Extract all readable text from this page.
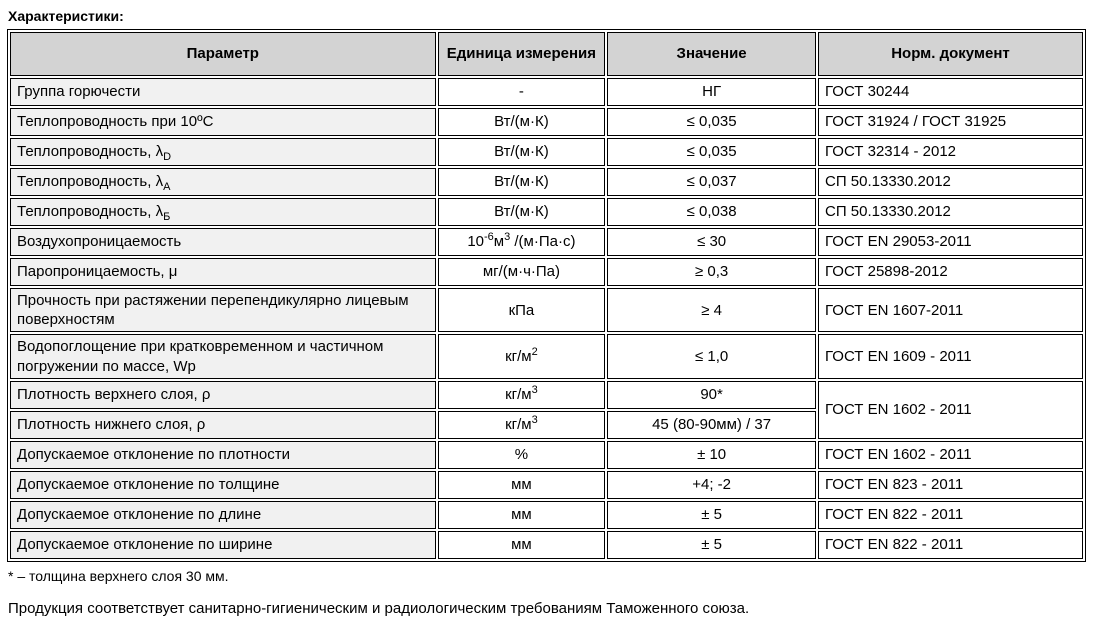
Характеристики:
Параметр	Единица измерения	Значение	Норм. документ
Группа горючести	-	НГ	ГОСТ 30244
Теплопроводность при 10ºС	Вт/(м·К)	≤ 0,035	ГОСТ 31924 / ГОСТ 31925
Теплопроводность, $\lambda_D$	Вт/(м·К)	≤ 0,035	ГОСТ 32314 - 2012
Теплопроводность, $\lambda_А$	Вт/(м·К)	≤ 0,037	СП 50.13330.2012
Теплопроводность, $\lambda_Б$	Вт/(м·К)	≤ 0,038	СП 50.13330.2012
Воздухопроницаемость	$10^{-6}м^3$ /(м·Па·с)	≤ 30	ГОСТ EN 29053-2011
Паропроницаемость, μ	мг/(м·ч·Па)	≥ 0,3	ГОСТ 25898-2012
Прочность при растяжении перепендикулярно лицевым поверхностям	кПа	≥ 4	ГОСТ EN 1607-2011
Водопоглощение при кратковременном и частичном погружении по массе, Wp	$кг/м^2$	≤ 1,0	ГОСТ EN 1609 - 2011
Плотность верхнего слоя, ρ	$кг/м^3$	90*	ГОСТ EN 1602 - 2011
Плотность нижнего слоя, ρ	$кг/м^3$	45 (80-90мм) / 37	
Допускаемое отклонение по плотности	%	± 10	ГОСТ EN 1602 - 2011
Допускаемое отклонение по толщине	мм	+4; -2	ГОСТ EN 823 - 2011
Допускаемое отклонение по длине	мм	± 5	ГОСТ EN 822 - 2011
Допускаемое отклонение по ширине	мм	± 5	ГОСТ EN 822 - 2011
* – толщина верхнего слоя 30 мм.
Продукция соответствует санитарно-гигиеническим и радиологическим требованиям Таможенного союза.
